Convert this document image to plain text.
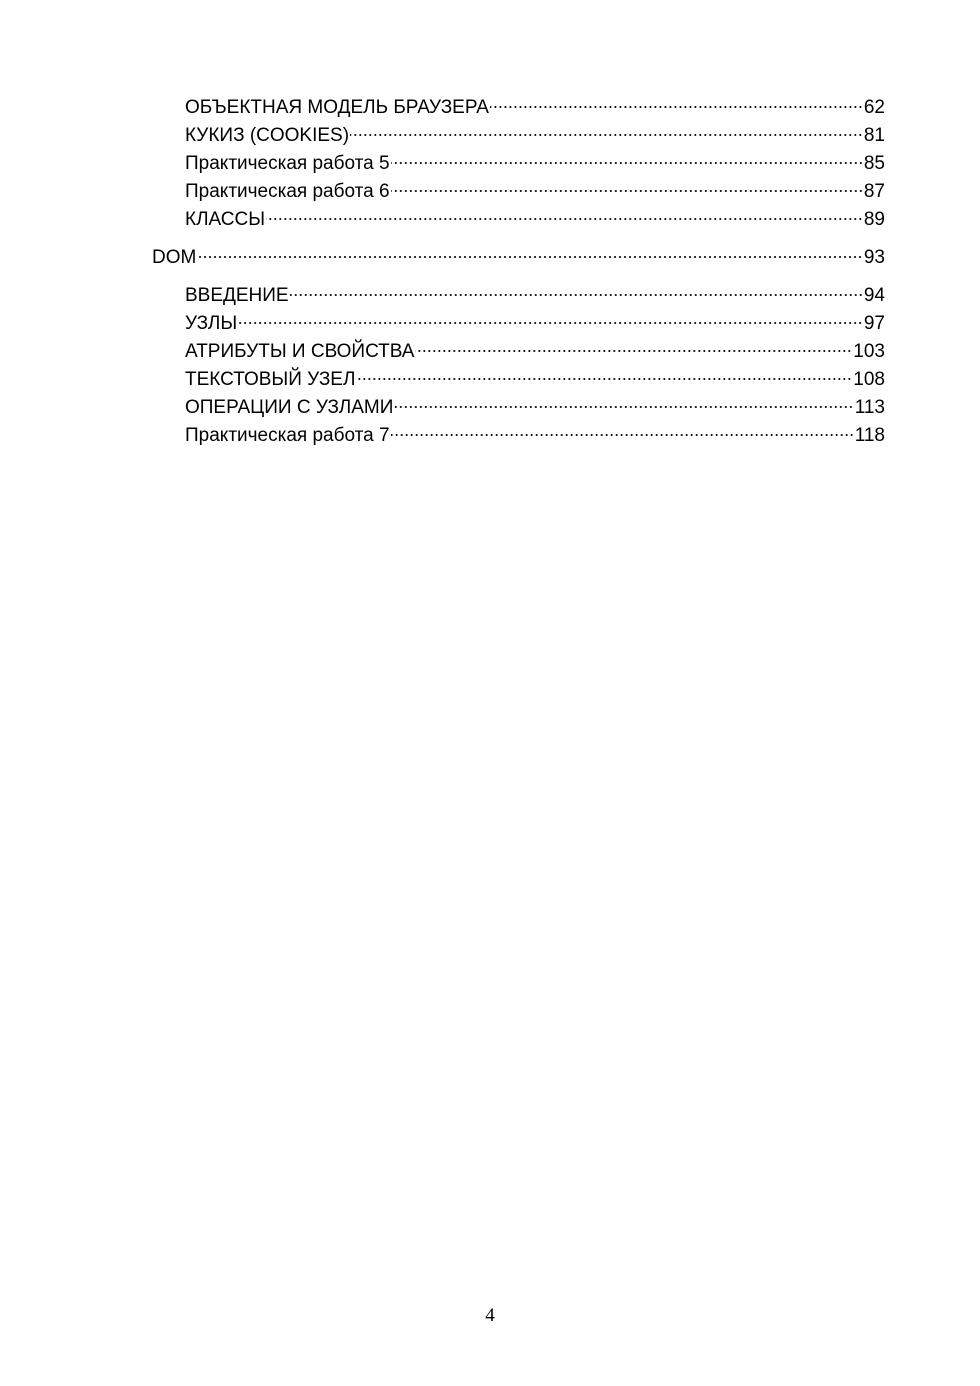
ОБЪЕКТНАЯ МОДЕЛЬ БРАУЗЕРА	62
КУКИЗ (COOKIES)	81
Практическая работа 5	85
Практическая работа 6	87
КЛАССЫ	89
DOM	93
ВВЕДЕНИЕ	94
УЗЛЫ	97
АТРИБУТЫ И СВОЙСТВА	103
ТЕКСТОВЫЙ УЗЕЛ	108
ОПЕРАЦИИ С УЗЛАМИ	113
Практическая работа 7	118
4
